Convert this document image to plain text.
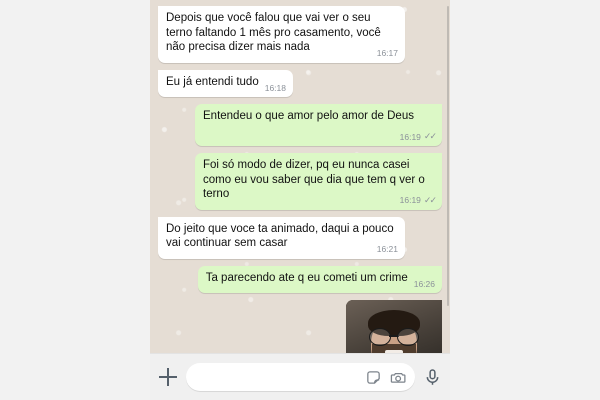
Depois que você falou que vai ver o seu terno faltando 1 mês pro casamento, você não precisa dizer mais nada	16:17
Eu já entendi tudo 16:18
Entendeu o que amor pelo amor de Deus
16:19 ✓✓
Foi só modo de dizer, pq eu nunca casei como eu vou saber que dia que tem q ver o terno	16:19 ✓✓
Do jeito que voce ta animado, daqui a pouco vai continuar sem casar	16:21
Ta parecendo ate q eu cometi um crime 16:26
